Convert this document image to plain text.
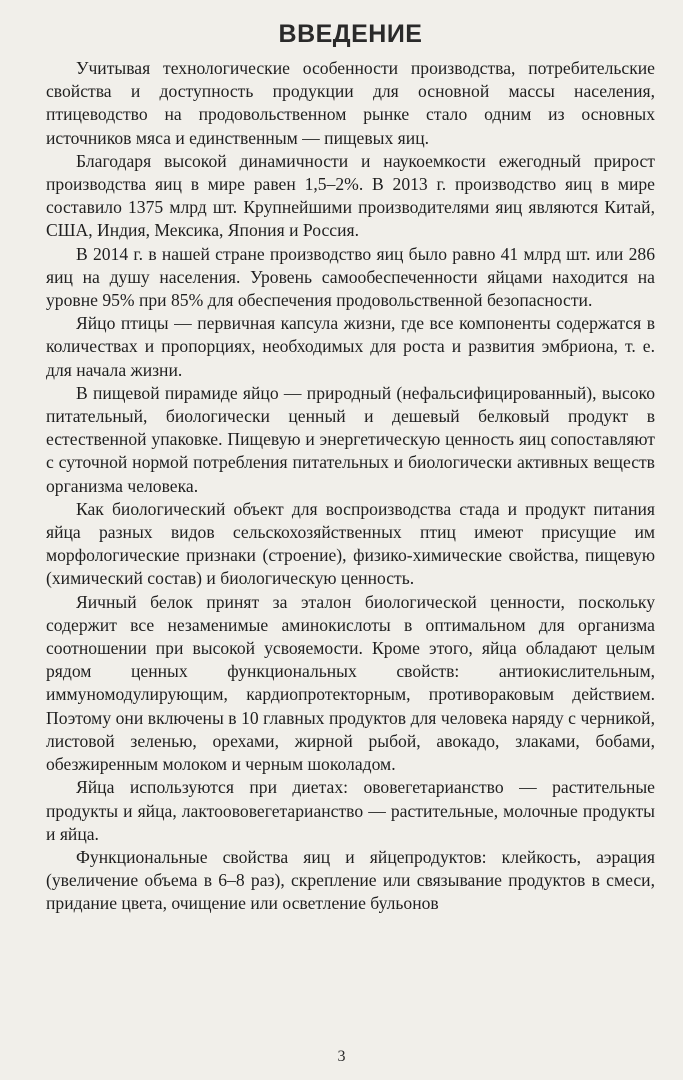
ВВЕДЕНИЕ

Учитывая технологические особенности производства, потребительские свойства и доступность продукции для основной массы населения, птицеводство на продовольственном рынке стало одним из основных источников мяса и единственным — пищевых яиц.

Благодаря высокой динамичности и наукоемкости ежегодный прирост производства яиц в мире равен 1,5–2%. В 2013 г. производство яиц в мире составило 1375 млрд шт. Крупнейшими производителями яиц являются Китай, США, Индия, Мексика, Япония и Россия.

В 2014 г. в нашей стране производство яиц было равно 41 млрд шт. или 286 яиц на душу населения. Уровень самообеспеченности яйцами находится на уровне 95% при 85% для обеспечения продовольственной безопасности.

Яйцо птицы — первичная капсула жизни, где все компоненты содержатся в количествах и пропорциях, необходимых для роста и развития эмбриона, т. е. для начала жизни.

В пищевой пирамиде яйцо — природный (нефальсифицированный), высоко питательный, биологически ценный и дешевый белковый продукт в естественной упаковке. Пищевую и энергетическую ценность яиц сопоставляют с суточной нормой потребления питательных и биологически активных веществ организма человека.

Как биологический объект для воспроизводства стада и продукт питания яйца разных видов сельскохозяйственных птиц имеют присущие им морфологические признаки (строение), физико-химические свойства, пищевую (химический состав) и биологическую ценность.

Яичный белок принят за эталон биологической ценности, поскольку содержит все незаменимые аминокислоты в оптимальном для организма соотношении при высокой усвояемости. Кроме этого, яйца обладают целым рядом ценных функциональных свойств: антиокислительным, иммуномодулирующим, кардиопротекторным, противораковым действием. Поэтому они включены в 10 главных продуктов для человека наряду с черникой, листовой зеленью, орехами, жирной рыбой, авокадо, злаками, бобами, обезжиренным молоком и черным шоколадом.

Яйца используются при диетах: ововегетарианство — растительные продукты и яйца, лактоововегетарианство — растительные, молочные продукты и яйца.

Функциональные свойства яиц и яйцепродуктов: клейкость, аэрация (увеличение объема в 6–8 раз), скрепление или связывание продуктов в смеси, придание цвета, очищение или осветление бульонов

3
